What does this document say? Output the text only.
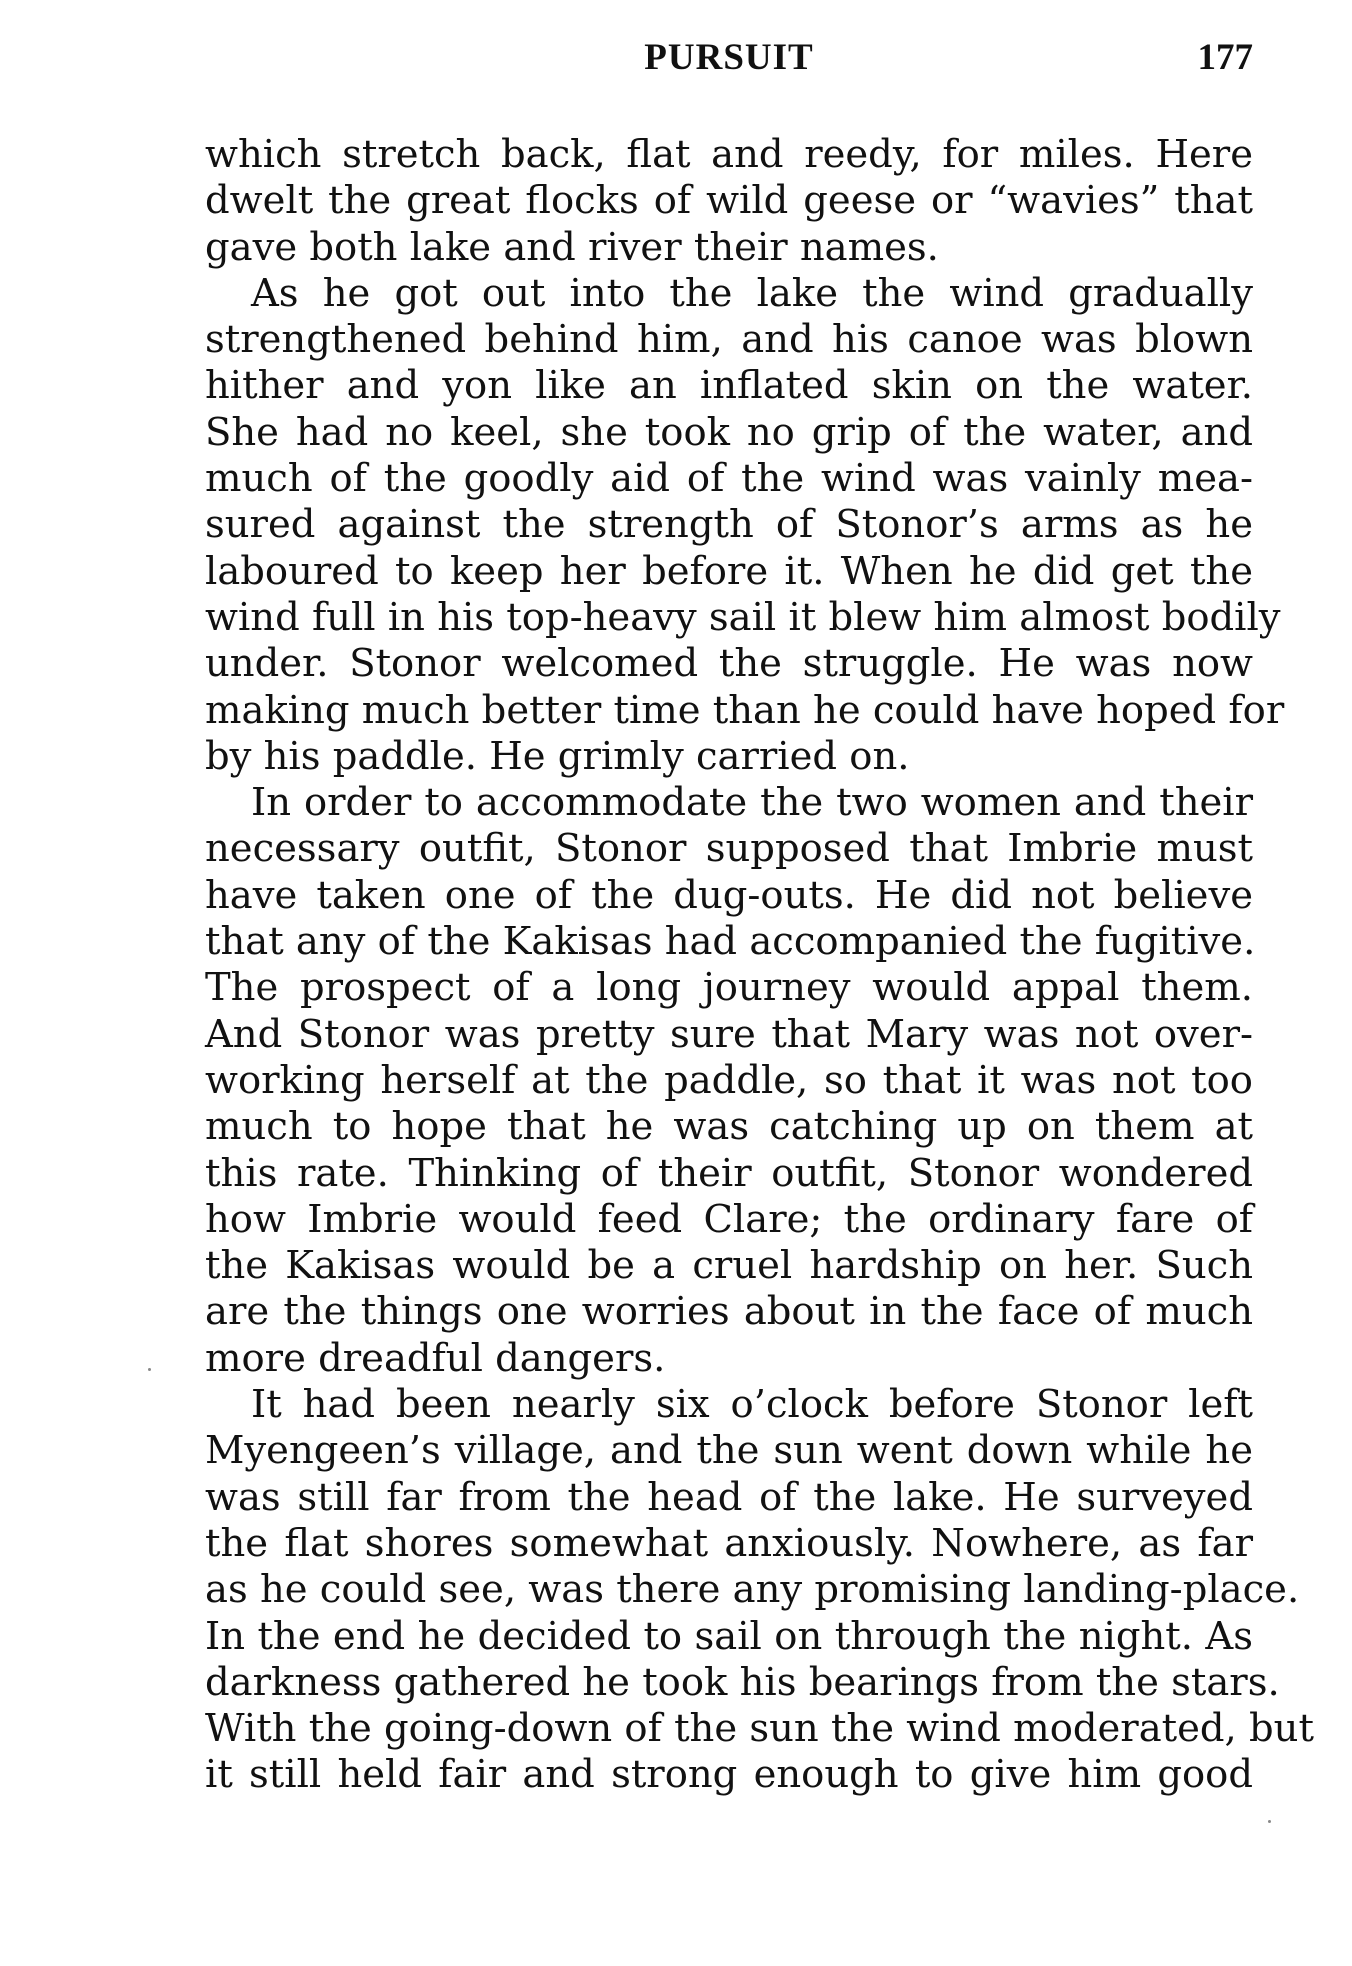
PURSUIT	177
which stretch back, flat and reedy, for miles. Here
dwelt the great flocks of wild geese or “wavies” that
gave both lake and river their names.
As he got out into the lake the wind gradually
strengthened behind him, and his canoe was blown
hither and yon like an inflated skin on the water.
She had no keel, she took no grip of the water, and
much of the goodly aid of the wind was vainly mea-
sured against the strength of Stonor’s arms as he
laboured to keep her before it. When he did get the
wind full in his top-heavy sail it blew him almost bodily
under. Stonor welcomed the struggle. He was now
making much better time than he could have hoped for
by his paddle. He grimly carried on.
In order to accommodate the two women and their
necessary outfit, Stonor supposed that Imbrie must
have taken one of the dug-outs. He did not believe
that any of the Kakisas had accompanied the fugitive.
The prospect of a long journey would appal them.
And Stonor was pretty sure that Mary was not over-
working herself at the paddle, so that it was not too
much to hope that he was catching up on them at
this rate. Thinking of their outfit, Stonor wondered
how Imbrie would feed Clare; the ordinary fare of
the Kakisas would be a cruel hardship on her. Such
are the things one worries about in the face of much
more dreadful dangers.
It had been nearly six o’clock before Stonor left
Myengeen’s village, and the sun went down while he
was still far from the head of the lake. He surveyed
the flat shores somewhat anxiously. Nowhere, as far
as he could see, was there any promising landing-place.
In the end he decided to sail on through the night. As
darkness gathered he took his bearings from the stars.
With the going-down of the sun the wind moderated, but
it still held fair and strong enough to give him good
